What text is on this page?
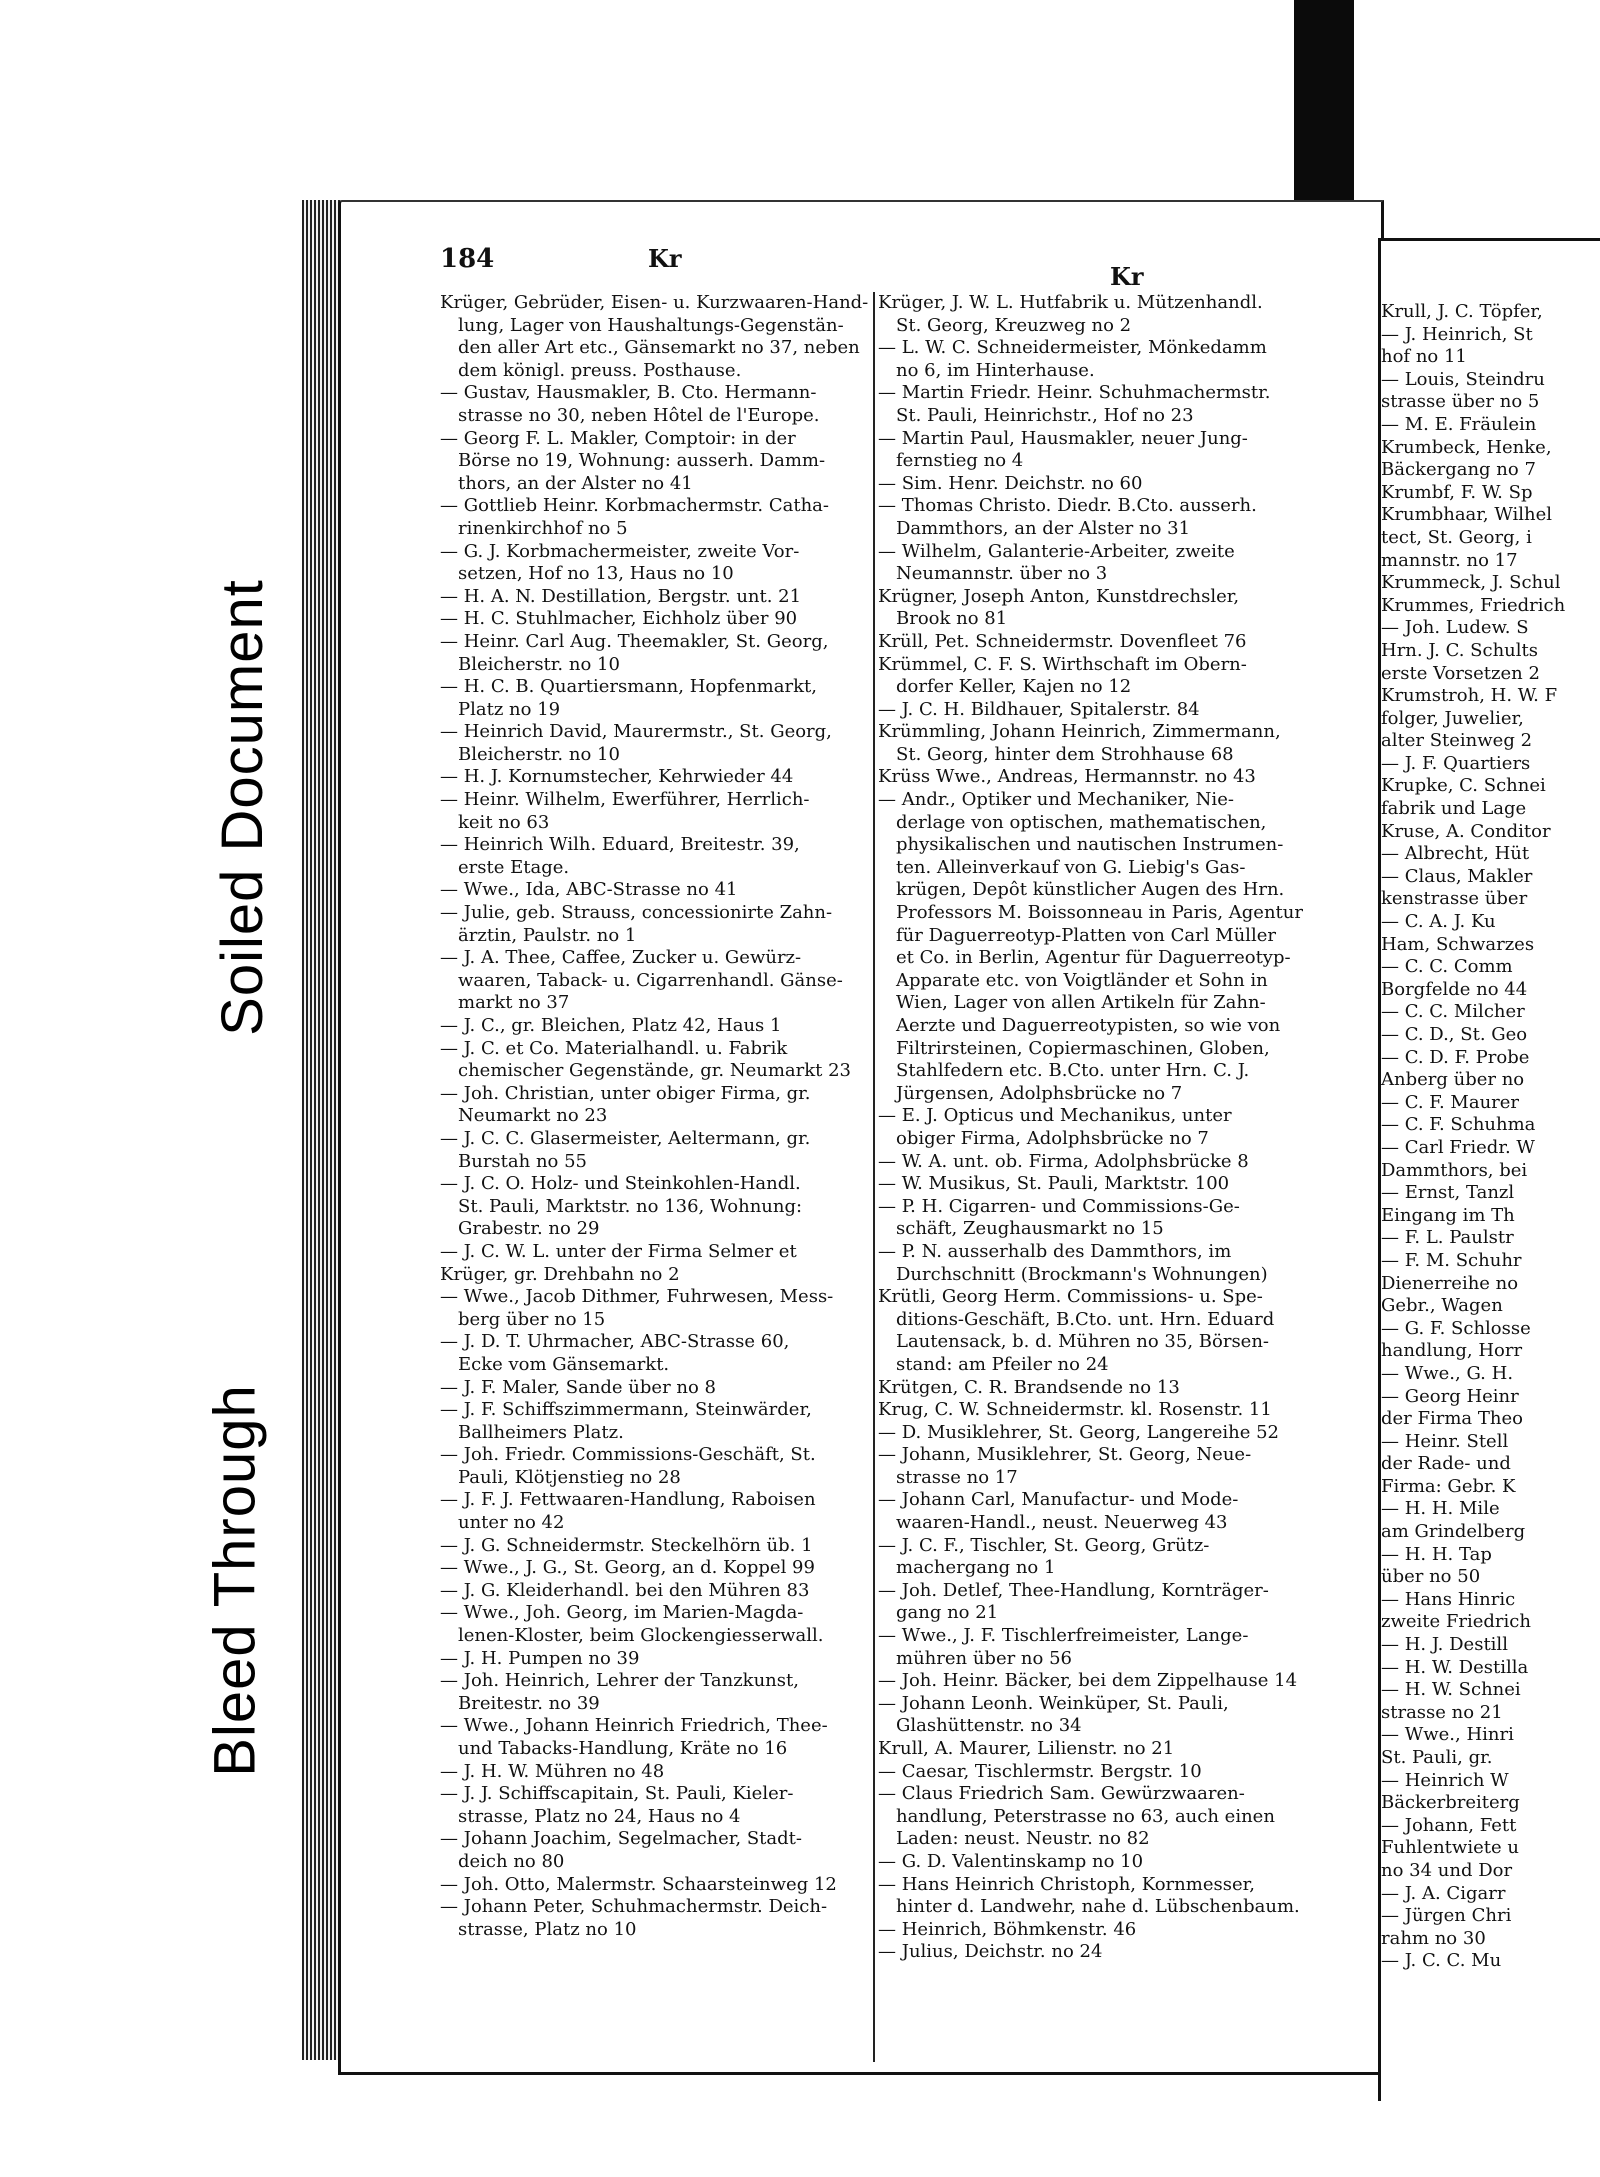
Soiled Document
Bleed Through
184	Kr
Kr

Krüger, Gebrüder, Eisen- u. Kurzwaaren-Hand-

lung, Lager von Haushaltungs-Gegenstän-

den aller Art etc., Gänsemarkt no 37, neben

dem königl. preuss. Posthause.

— Gustav, Hausmakler, B. Cto. Hermann-

strasse no 30, neben Hôtel de l'Europe.

— Georg F. L. Makler, Comptoir: in der

Börse no 19, Wohnung: ausserh. Damm-

thors, an der Alster no 41

— Gottlieb Heinr. Korbmachermstr. Catha-

rinenkirchhof no 5

— G. J. Korbmachermeister, zweite Vor-

setzen, Hof no 13, Haus no 10

— H. A. N. Destillation, Bergstr. unt. 21

— H. C. Stuhlmacher, Eichholz über 90

— Heinr. Carl Aug. Theemakler, St. Georg,

Bleicherstr. no 10

— H. C. B. Quartiersmann, Hopfenmarkt,

Platz no 19

— Heinrich David, Maurermstr., St. Georg,

Bleicherstr. no 10

— H. J. Kornumstecher, Kehrwieder 44

— Heinr. Wilhelm, Ewerführer, Herrlich-

keit no 63

— Heinrich Wilh. Eduard, Breitestr. 39,

erste Etage.

— Wwe., Ida, ABC-Strasse no 41

— Julie, geb. Strauss, concessionirte Zahn-

ärztin, Paulstr. no 1

— J. A. Thee, Caffee, Zucker u. Gewürz-

waaren, Taback- u. Cigarrenhandl. Gänse-

markt no 37

— J. C., gr. Bleichen, Platz 42, Haus 1

— J. C. et Co. Materialhandl. u. Fabrik

chemischer Gegenstände, gr. Neumarkt 23

— Joh. Christian, unter obiger Firma, gr.

Neumarkt no 23

— J. C. C. Glasermeister, Aeltermann, gr.

Burstah no 55

— J. C. O. Holz- und Steinkohlen-Handl.

St. Pauli, Marktstr. no 136, Wohnung:

Grabestr. no 29

— J. C. W. L. unter der Firma Selmer et

Krüger, gr. Drehbahn no 2

— Wwe., Jacob Dithmer, Fuhrwesen, Mess-

berg über no 15

— J. D. T. Uhrmacher, ABC-Strasse 60,

Ecke vom Gänsemarkt.

— J. F. Maler, Sande über no 8

— J. F. Schiffszimmermann, Steinwärder,

Ballheimers Platz.

— Joh. Friedr. Commissions-Geschäft, St.

Pauli, Klötjenstieg no 28

— J. F. J. Fettwaaren-Handlung, Raboisen

unter no 42

— J. G. Schneidermstr. Steckelhörn üb. 1

— Wwe., J. G., St. Georg, an d. Koppel 99

— J. G. Kleiderhandl. bei den Mühren 83

— Wwe., Joh. Georg, im Marien-Magda-

lenen-Kloster, beim Glockengiesserwall.

— J. H. Pumpen no 39

— Joh. Heinrich, Lehrer der Tanzkunst,

Breitestr. no 39

— Wwe., Johann Heinrich Friedrich, Thee-

und Tabacks-Handlung, Kräte no 16

— J. H. W. Mühren no 48

— J. J. Schiffscapitain, St. Pauli, Kieler-

strasse, Platz no 24, Haus no 4

— Johann Joachim, Segelmacher, Stadt-

deich no 80

— Joh. Otto, Malermstr. Schaarsteinweg 12

— Johann Peter, Schuhmachermstr. Deich-

strasse, Platz no 10

Krüger, J. W. L. Hutfabrik u. Mützenhandl.

St. Georg, Kreuzweg no 2

— L. W. C. Schneidermeister, Mönkedamm

no 6, im Hinterhause.

— Martin Friedr. Heinr. Schuhmachermstr.

St. Pauli, Heinrichstr., Hof no 23

— Martin Paul, Hausmakler, neuer Jung-

fernstieg no 4

— Sim. Henr. Deichstr. no 60

— Thomas Christo. Diedr. B.Cto. ausserh.

Dammthors, an der Alster no 31

— Wilhelm, Galanterie-Arbeiter, zweite

Neumannstr. über no 3

Krügner, Joseph Anton, Kunstdrechsler,

Brook no 81

Krüll, Pet. Schneidermstr. Dovenfleet 76

Krümmel, C. F. S. Wirthschaft im Obern-

dorfer Keller, Kajen no 12

— J. C. H. Bildhauer, Spitalerstr. 84

Krümmling, Johann Heinrich, Zimmermann,

St. Georg, hinter dem Strohhause 68

Krüss Wwe., Andreas, Hermannstr. no 43

— Andr., Optiker und Mechaniker, Nie-

derlage von optischen, mathematischen,

physikalischen und nautischen Instrumen-

ten. Alleinverkauf von G. Liebig's Gas-

krügen, Depôt künstlicher Augen des Hrn.

Professors M. Boissonneau in Paris, Agentur

für Daguerreotyp-Platten von Carl Müller

et Co. in Berlin, Agentur für Daguerreotyp-

Apparate etc. von Voigtländer et Sohn in

Wien, Lager von allen Artikeln für Zahn-

Aerzte und Daguerreotypisten, so wie von

Filtrirsteinen, Copiermaschinen, Globen,

Stahlfedern etc. B.Cto. unter Hrn. C. J.

Jürgensen, Adolphsbrücke no 7

— E. J. Opticus und Mechanikus, unter

obiger Firma, Adolphsbrücke no 7

— W. A. unt. ob. Firma, Adolphsbrücke 8

— W. Musikus, St. Pauli, Marktstr. 100

— P. H. Cigarren- und Commissions-Ge-

schäft, Zeughausmarkt no 15

— P. N. ausserhalb des Dammthors, im

Durchschnitt (Brockmann's Wohnungen)

Krütli, Georg Herm. Commissions- u. Spe-

ditions-Geschäft, B.Cto. unt. Hrn. Eduard

Lautensack, b. d. Mühren no 35, Börsen-

stand: am Pfeiler no 24

Krütgen, C. R. Brandsende no 13

Krug, C. W. Schneidermstr. kl. Rosenstr. 11

— D. Musiklehrer, St. Georg, Langereihe 52

— Johann, Musiklehrer, St. Georg, Neue-

strasse no 17

— Johann Carl, Manufactur- und Mode-

waaren-Handl., neust. Neuerweg 43

— J. C. F., Tischler, St. Georg, Grütz-

machergang no 1

— Joh. Detlef, Thee-Handlung, Kornträger-

gang no 21

— Wwe., J. F. Tischlerfreimeister, Lange-

mühren über no 56

— Joh. Heinr. Bäcker, bei dem Zippelhause 14

— Johann Leonh. Weinküper, St. Pauli,

Glashüttenstr. no 34

Krull, A. Maurer, Lilienstr. no 21

— Caesar, Tischlermstr. Bergstr. 10

— Claus Friedrich Sam. Gewürzwaaren-

handlung, Peterstrasse no 63, auch einen

Laden: neust. Neustr. no 82

— G. D. Valentinskamp no 10

— Hans Heinrich Christoph, Kornmesser,

hinter d. Landwehr, nahe d. Lübschenbaum.

— Heinrich, Böhmkenstr. 46

— Julius, Deichstr. no 24

Krull, J. C. Töpfer,

— J. Heinrich, St

hof no 11

— Louis, Steindru

strasse über no 5

— M. E. Fräulein

Krumbeck, Henke,

Bäckergang no 7

Krumbf, F. W. Sp

Krumbhaar, Wilhel

tect, St. Georg, i

mannstr. no 17

Krummeck, J. Schul

Krummes, Friedrich

— Joh. Ludew. S

Hrn. J. C. Schults

erste Vorsetzen 2

Krumstroh, H. W. F

folger, Juwelier,

alter Steinweg 2

— J. F. Quartiers

Krupke, C. Schnei

fabrik und Lage

Kruse, A. Conditor

— Albrecht, Hüt

— Claus, Makler

kenstrasse über

— C. A. J. Ku

Ham, Schwarzes

— C. C. Comm

Borgfelde no 44

— C. C. Milcher

— C. D., St. Geo

— C. D. F. Probe

Anberg über no

— C. F. Maurer

— C. F. Schuhma

— Carl Friedr. W

Dammthors, bei

— Ernst, Tanzl

Eingang im Th

— F. L. Paulstr

— F. M. Schuhr

Dienerreihe no

Gebr., Wagen

— G. F. Schlosse

handlung, Horr

— Wwe., G. H.

— Georg Heinr

der Firma Theo

— Heinr. Stell

der Rade- und

Firma: Gebr. K

— H. H. Mile

am Grindelberg

— H. H. Tap

über no 50

— Hans Hinric

zweite Friedrich

— H. J. Destill

— H. W. Destilla

— H. W. Schnei

strasse no 21

— Wwe., Hinri

St. Pauli, gr.

— Heinrich W

Bäckerbreiterg

— Johann, Fett

Fuhlentwiete u

no 34 und Dor

— J. A. Cigarr

— Jürgen Chri

rahm no 30

— J. C. C. Mu
